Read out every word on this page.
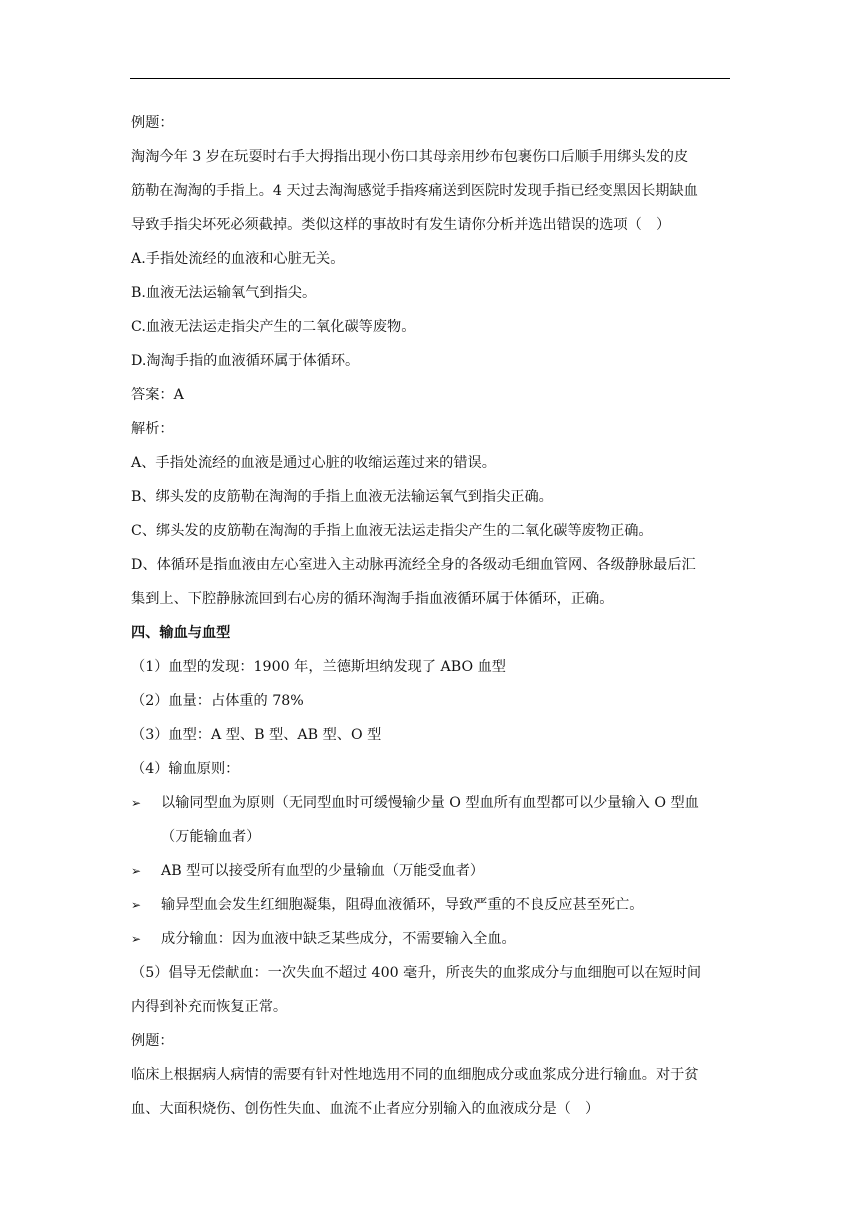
例题：
淘淘今年 3 岁在玩耍时右手大拇指出现小伤口其母亲用纱布包裹伤口后顺手用绑头发的皮
筋勒在淘淘的手指上。4 天过去淘淘感觉手指疼痛送到医院时发现手指已经变黑因长期缺血
导致手指尖坏死必须截掉。类似这样的事故时有发生请你分析并选出错误的选项（　）
A.手指处流经的血液和心脏无关。
B.血液无法运输氧气到指尖。
C.血液无法运走指尖产生的二氧化碳等废物。
D.淘淘手指的血液循环属于体循环。
答案：A
解析：
A、手指处流经的血液是通过心脏的收缩运莲过来的错误。
B、绑头发的皮筋勒在淘淘的手指上血液无法输运氧气到指尖正确。
C、绑头发的皮筋勒在淘淘的手指上血液无法运走指尖产生的二氧化碳等废物正确。
D、体循环是指血液由左心室进入主动脉再流经全身的各级动毛细血管网、各级静脉最后汇
集到上、下腔静脉流回到右心房的循环淘淘手指血液循环属于体循环，正确。
四、输血与血型
（1）血型的发现：1900 年，兰德斯坦纳发现了 ABO 血型
（2）血量：占体重的 78%
（3）血型：A 型、B 型、AB 型、O 型
（4）输血原则：
➢ 以输同型血为原则（无同型血时可缓慢输少量 O 型血所有血型都可以少量输入 O 型血
（万能输血者）
➢ AB 型可以接受所有血型的少量输血（万能受血者）
➢ 输异型血会发生红细胞凝集，阻碍血液循环，导致严重的不良反应甚至死亡。
➢ 成分输血：因为血液中缺乏某些成分，不需要输入全血。
（5）倡导无偿献血：一次失血不超过 400 毫升，所丧失的血浆成分与血细胞可以在短时间
内得到补充而恢复正常。
例题：
临床上根据病人病情的需要有针对性地选用不同的血细胞成分或血浆成分进行输血。对于贫
血、大面积烧伤、创伤性失血、血流不止者应分别输入的血液成分是（　）
